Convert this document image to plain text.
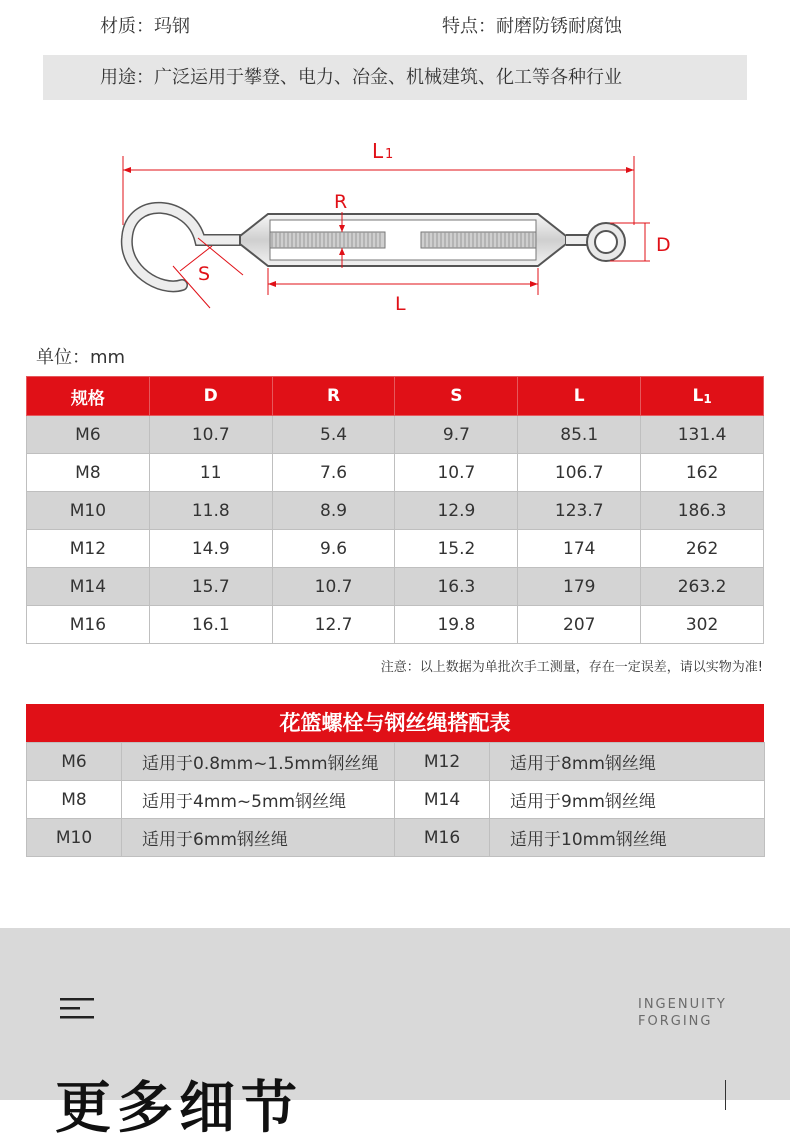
材质：玛钢	特点：耐磨防锈耐腐蚀
用途：广泛运用于攀登、电力、冶金、机械建筑、化工等各种行业
L 1
S
R
D
L
单位：mm
规格	D	R	S	L	$L_1$
M6	10.7	5.4	9.7	85.1	131.4
M8	11	7.6	10.7	106.7	162
M10	11.8	8.9	12.9	123.7	186.3
M12	14.9	9.6	15.2	174	262
M14	15.7	10.7	16.3	179	263.2
M16	16.1	12.7	19.8	207	302
注意：以上数据为单批次手工测量，存在一定误差，请以实物为准!
花篮螺栓与钢丝绳搭配表
M6	适用于0.8mm~1.5mm钢丝绳	M12	适用于8mm钢丝绳
M8	适用于4mm~5mm钢丝绳	M14	适用于9mm钢丝绳
M10	适用于6mm钢丝绳	M16	适用于10mm钢丝绳
INGENUITY
FORGING
更多细节
